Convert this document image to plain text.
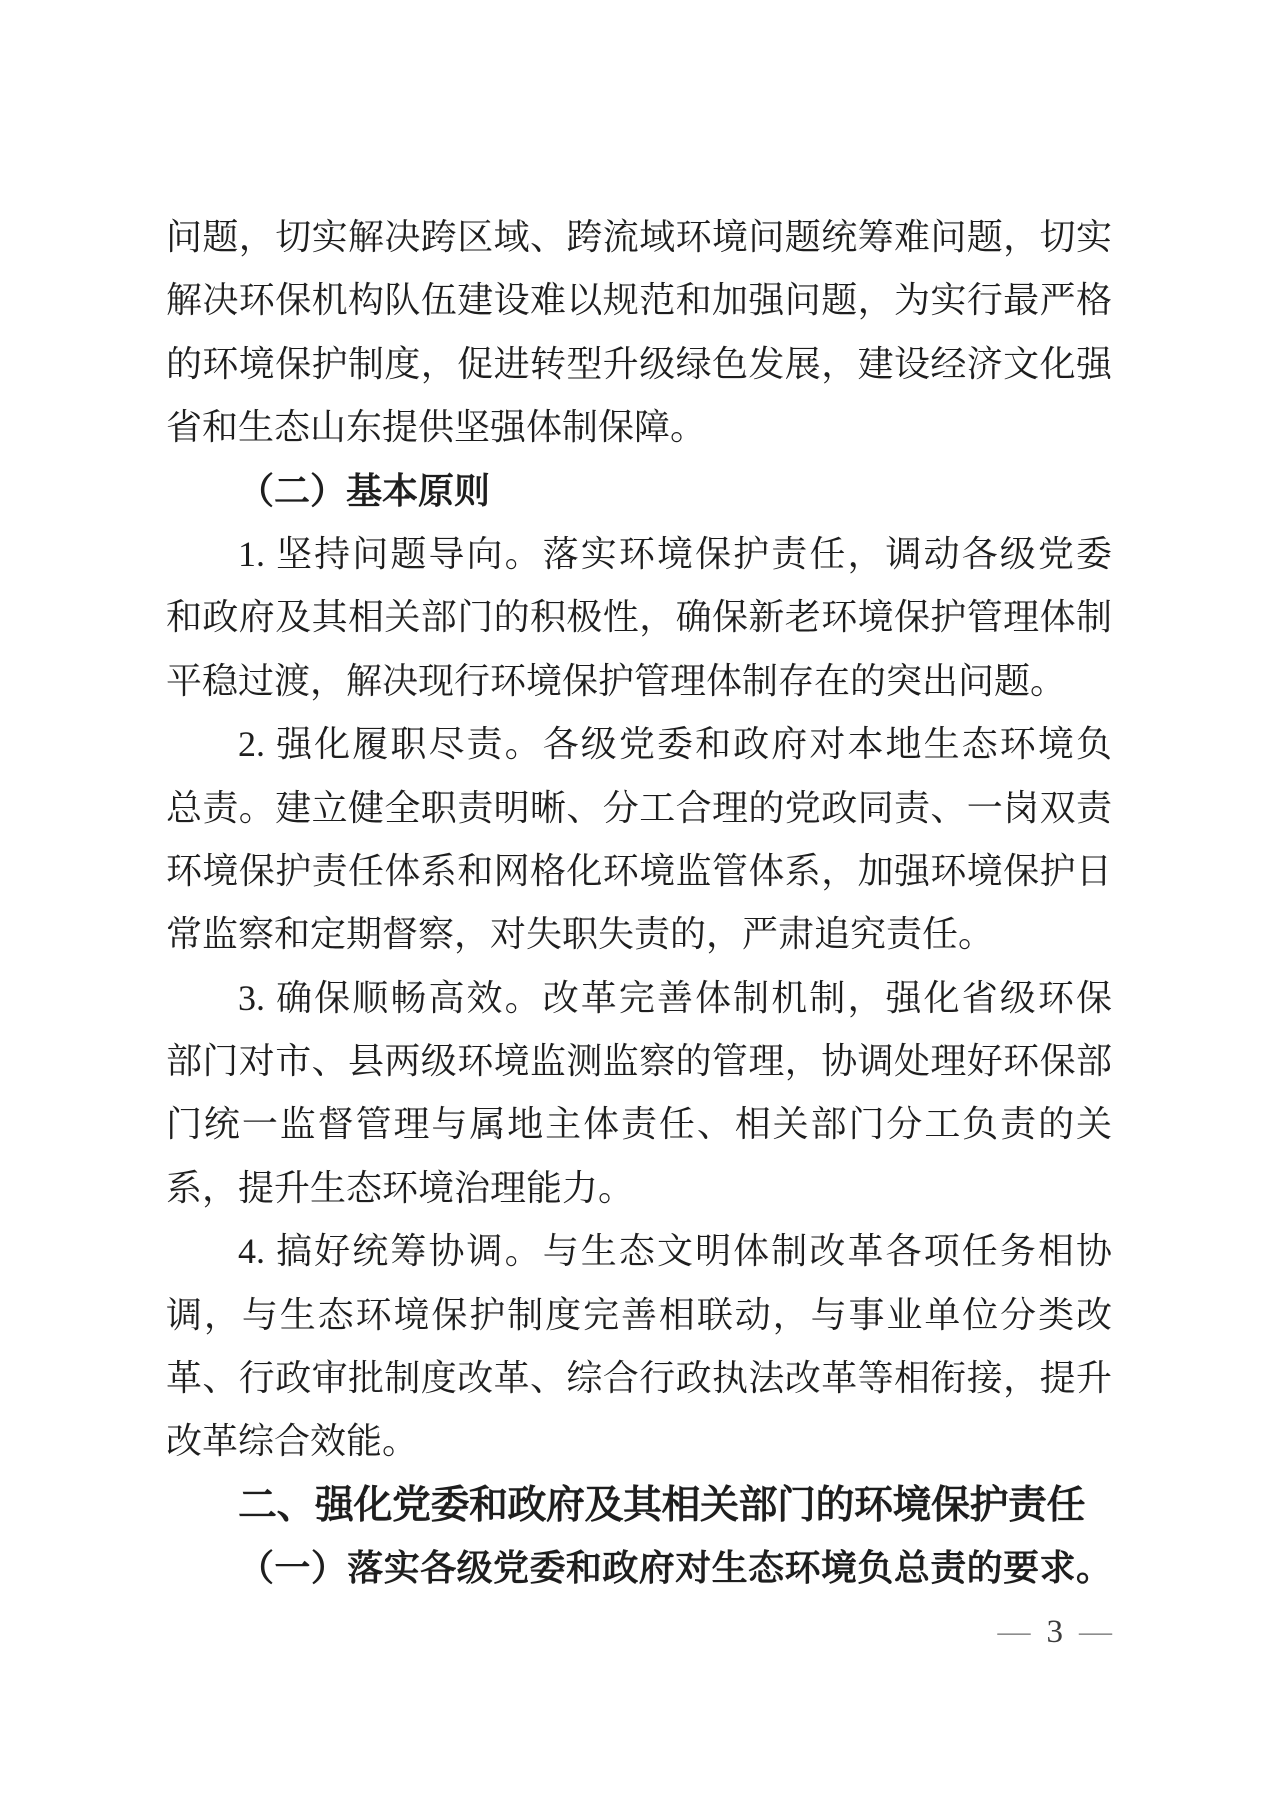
问题，切实解决跨区域、跨流域环境问题统筹难问题，切实
解决环保机构队伍建设难以规范和加强问题，为实行最严格
的环境保护制度，促进转型升级绿色发展，建设经济文化强
省和生态山东提供坚强体制保障。
（二）基本原则
1. 坚持问题导向。落实环境保护责任，调动各级党委
和政府及其相关部门的积极性，确保新老环境保护管理体制
平稳过渡，解决现行环境保护管理体制存在的突出问题。
2. 强化履职尽责。各级党委和政府对本地生态环境负
总责。建立健全职责明晰、分工合理的党政同责、一岗双责
环境保护责任体系和网格化环境监管体系，加强环境保护日
常监察和定期督察，对失职失责的，严肃追究责任。
3. 确保顺畅高效。改革完善体制机制，强化省级环保
部门对市、县两级环境监测监察的管理，协调处理好环保部
门统一监督管理与属地主体责任、相关部门分工负责的关
系，提升生态环境治理能力。
4. 搞好统筹协调。与生态文明体制改革各项任务相协
调，与生态环境保护制度完善相联动，与事业单位分类改
革、行政审批制度改革、综合行政执法改革等相衔接，提升
改革综合效能。
二、强化党委和政府及其相关部门的环境保护责任
（一）落实各级党委和政府对生态环境负总责的要求。
— 3 —
